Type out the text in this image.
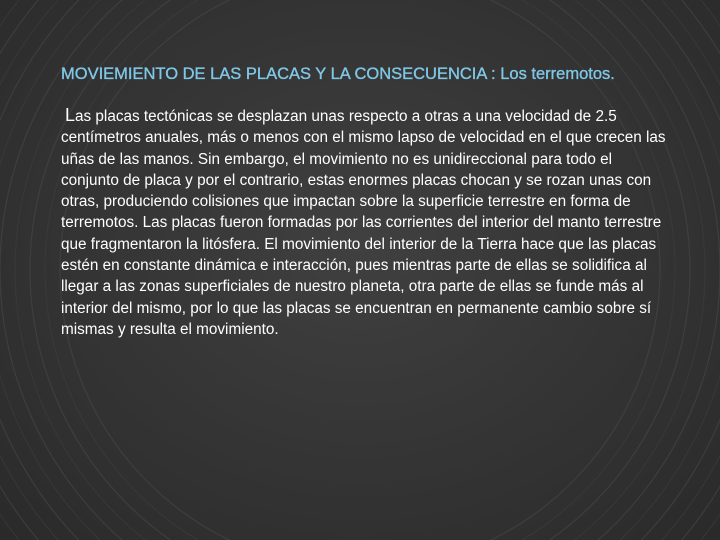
MOVIEMIENTO DE LAS PLACAS Y LA CONSECUENCIA : Los terremotos.

Las placas tectónicas se desplazan unas respecto a otras a una velocidad de 2.5 centímetros anuales, más o menos con el mismo lapso de velocidad en el que crecen las uñas de las manos. Sin embargo, el movimiento no es unidireccional para todo el conjunto de placa y por el contrario, estas enormes placas chocan y se rozan unas con otras, produciendo colisiones que impactan sobre la superficie terrestre en forma de terremotos. Las placas fueron formadas por las corrientes del interior del manto terrestre que fragmentaron la litósfera. El movimiento del interior de la Tierra hace que las placas estén en constante dinámica e interacción, pues mientras parte de ellas se solidifica al llegar a las zonas superficiales de nuestro planeta, otra parte de ellas se funde más al interior del mismo, por lo que las placas se encuentran en permanente cambio sobre sí mismas y resulta el movimiento.
